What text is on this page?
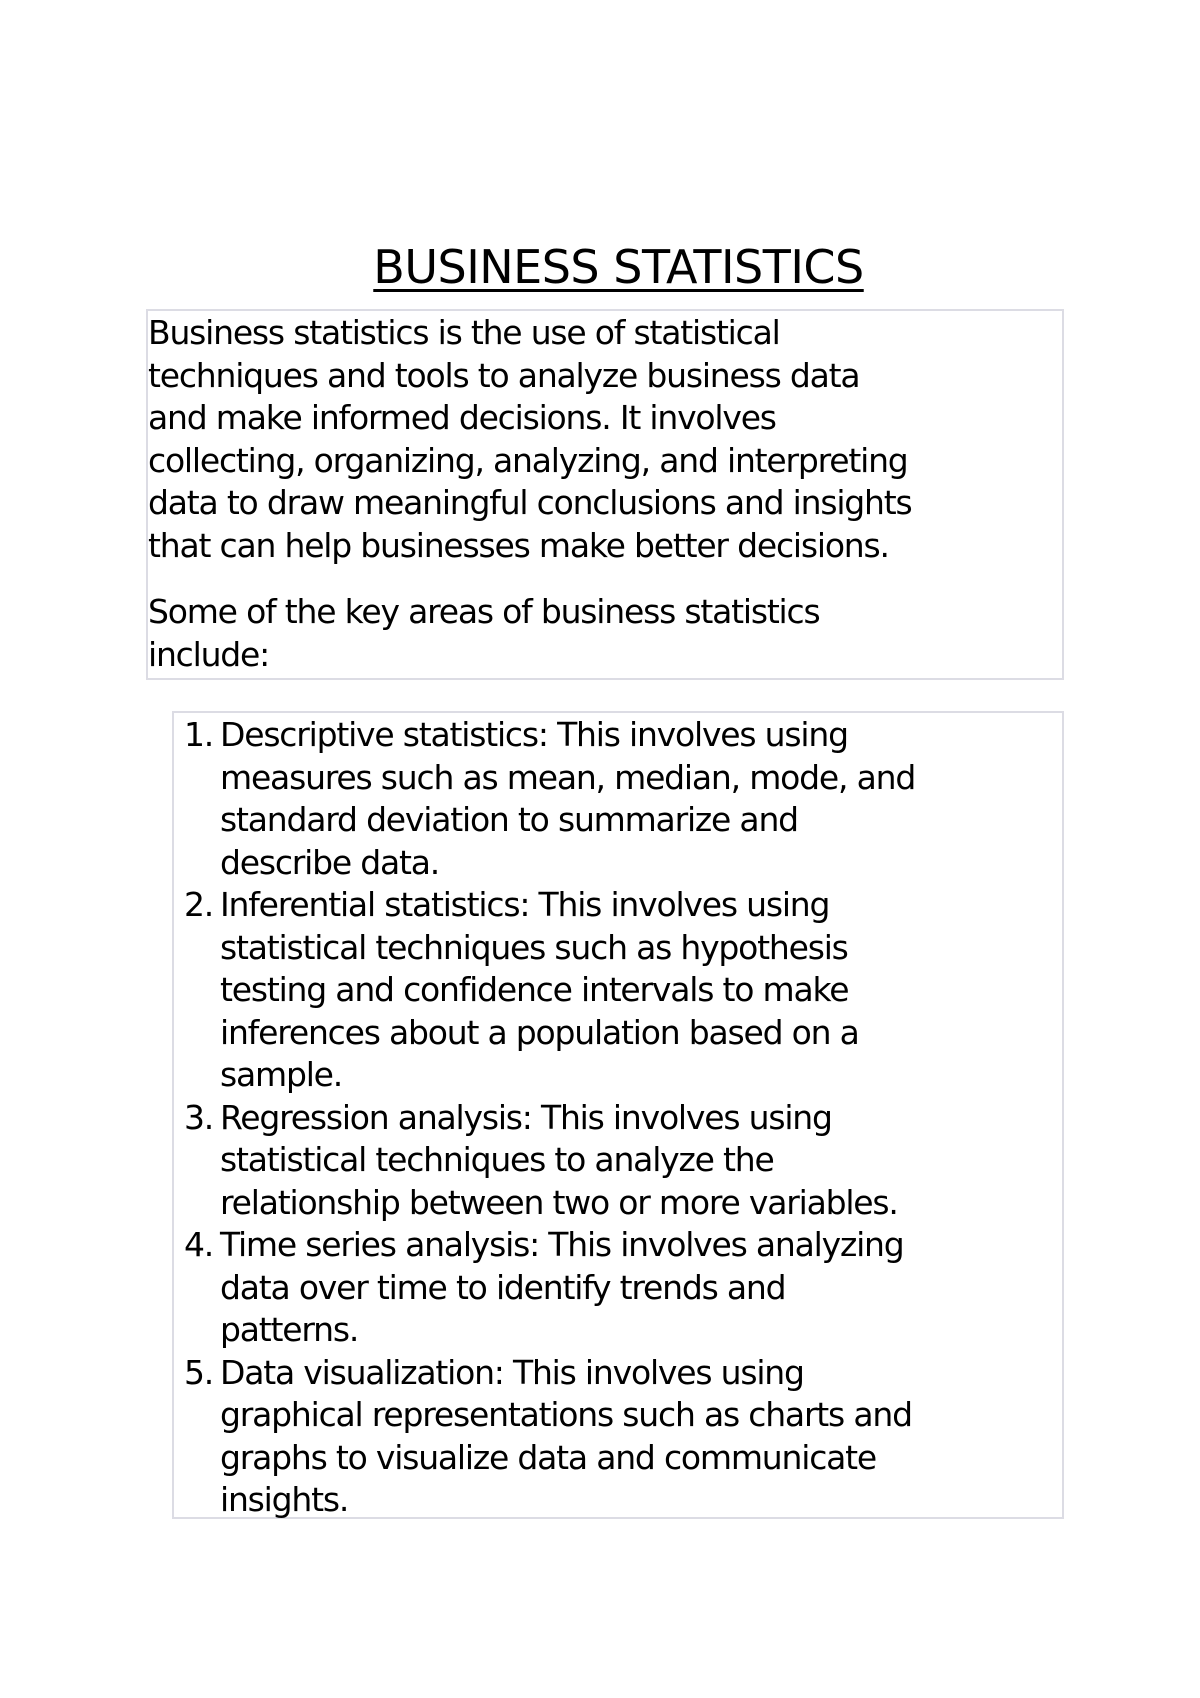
BUSINESS STATISTICS
Business statistics is the use of statistical
techniques and tools to analyze business data
and make informed decisions. It involves
collecting, organizing, analyzing, and interpreting
data to draw meaningful conclusions and insights
that can help businesses make better decisions.
Some of the key areas of business statistics
include:
1. Descriptive statistics: This involves using
measures such as mean, median, mode, and
standard deviation to summarize and
describe data.
2. Inferential statistics: This involves using
statistical techniques such as hypothesis
testing and confidence intervals to make
inferences about a population based on a
sample.
3. Regression analysis: This involves using
statistical techniques to analyze the
relationship between two or more variables.
4. Time series analysis: This involves analyzing
data over time to identify trends and
patterns.
5. Data visualization: This involves using
graphical representations such as charts and
graphs to visualize data and communicate
insights.
